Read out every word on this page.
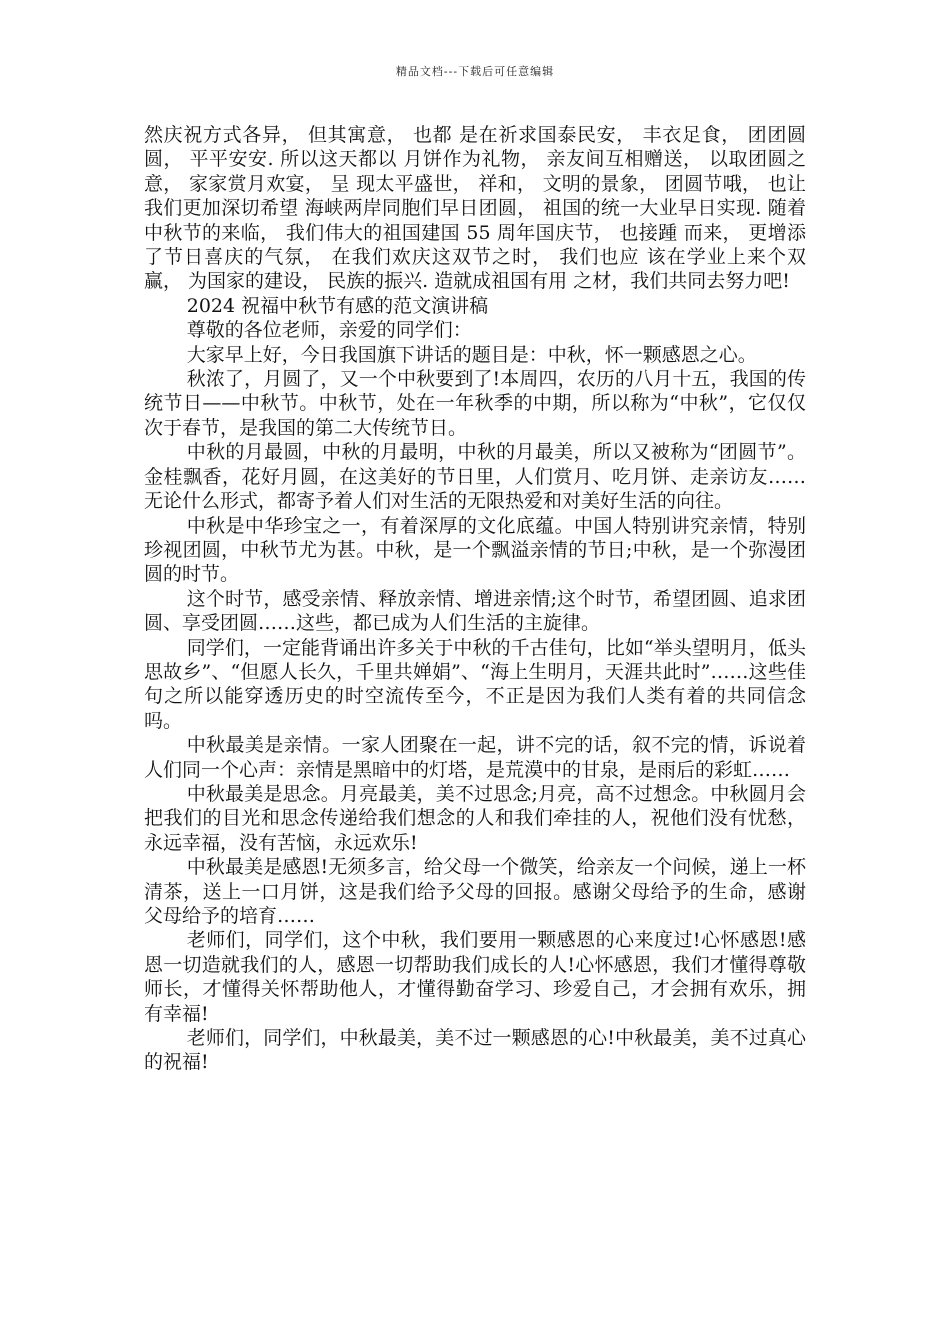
精品文档---下载后可任意编辑

然庆祝方式各异， 但其寓意， 也都 是在祈求国泰民安， 丰衣足食， 团团圆圆， 平平安安. 所以这天都以 月饼作为礼物， 亲友间互相赠送， 以取团圆之意， 家家赏月欢宴， 呈 现太平盛世， 祥和， 文明的景象， 团圆节哦， 也让我们更加深切希望 海峡两岸同胞们早日团圆， 祖国的统一大业早日实现. 随着中秋节的来临， 我们伟大的祖国建国 55 周年国庆节， 也接踵 而来， 更增添了节日喜庆的气氛， 在我们欢庆这双节之时， 我们也应 该在学业上来个双赢， 为国家的建设， 民族的振兴. 造就成祖国有用 之材，我们共同去努力吧!

2024 祝福中秋节有感的范文演讲稿

尊敬的各位老师，亲爱的同学们：

大家早上好，今日我国旗下讲话的题目是：中秋，怀一颗感恩之心。

秋浓了，月圆了，又一个中秋要到了!本周四，农历的八月十五，我国的传统节日——中秋节。中秋节，处在一年秋季的中期，所以称为“中秋”，它仅仅次于春节，是我国的第二大传统节日。

中秋的月最圆，中秋的月最明，中秋的月最美，所以又被称为“团圆节”。金桂飘香，花好月圆，在这美好的节日里，人们赏月、吃月饼、走亲访友……无论什么形式，都寄予着人们对生活的无限热爱和对美好生活的向往。

中秋是中华珍宝之一，有着深厚的文化底蕴。中国人特别讲究亲情，特别珍视团圆，中秋节尤为甚。中秋，是一个飘溢亲情的节日;中秋，是一个弥漫团圆的时节。

这个时节，感受亲情、释放亲情、增进亲情;这个时节，希望团圆、追求团圆、享受团圆……这些，都已成为人们生活的主旋律。

同学们，一定能背诵出许多关于中秋的千古佳句，比如“举头望明月，低头思故乡”、“但愿人长久，千里共婵娟”、“海上生明月，天涯共此时”……这些佳句之所以能穿透历史的时空流传至今，不正是因为我们人类有着的共同信念吗。

中秋最美是亲情。一家人团聚在一起，讲不完的话，叙不完的情，诉说着人们同一个心声：亲情是黑暗中的灯塔，是荒漠中的甘泉，是雨后的彩虹……

中秋最美是思念。月亮最美，美不过思念;月亮，高不过想念。中秋圆月会把我们的目光和思念传递给我们想念的人和我们牵挂的人，祝他们没有忧愁，永远幸福，没有苦恼，永远欢乐!

中秋最美是感恩!无须多言，给父母一个微笑，给亲友一个问候，递上一杯清茶，送上一口月饼，这是我们给予父母的回报。感谢父母给予的生命，感谢父母给予的培育……

老师们，同学们，这个中秋，我们要用一颗感恩的心来度过!心怀感恩!感恩一切造就我们的人，感恩一切帮助我们成长的人!心怀感恩，我们才懂得尊敬师长，才懂得关怀帮助他人，才懂得勤奋学习、珍爱自己，才会拥有欢乐，拥有幸福!

老师们，同学们，中秋最美，美不过一颗感恩的心!中秋最美，美不过真心的祝福!
